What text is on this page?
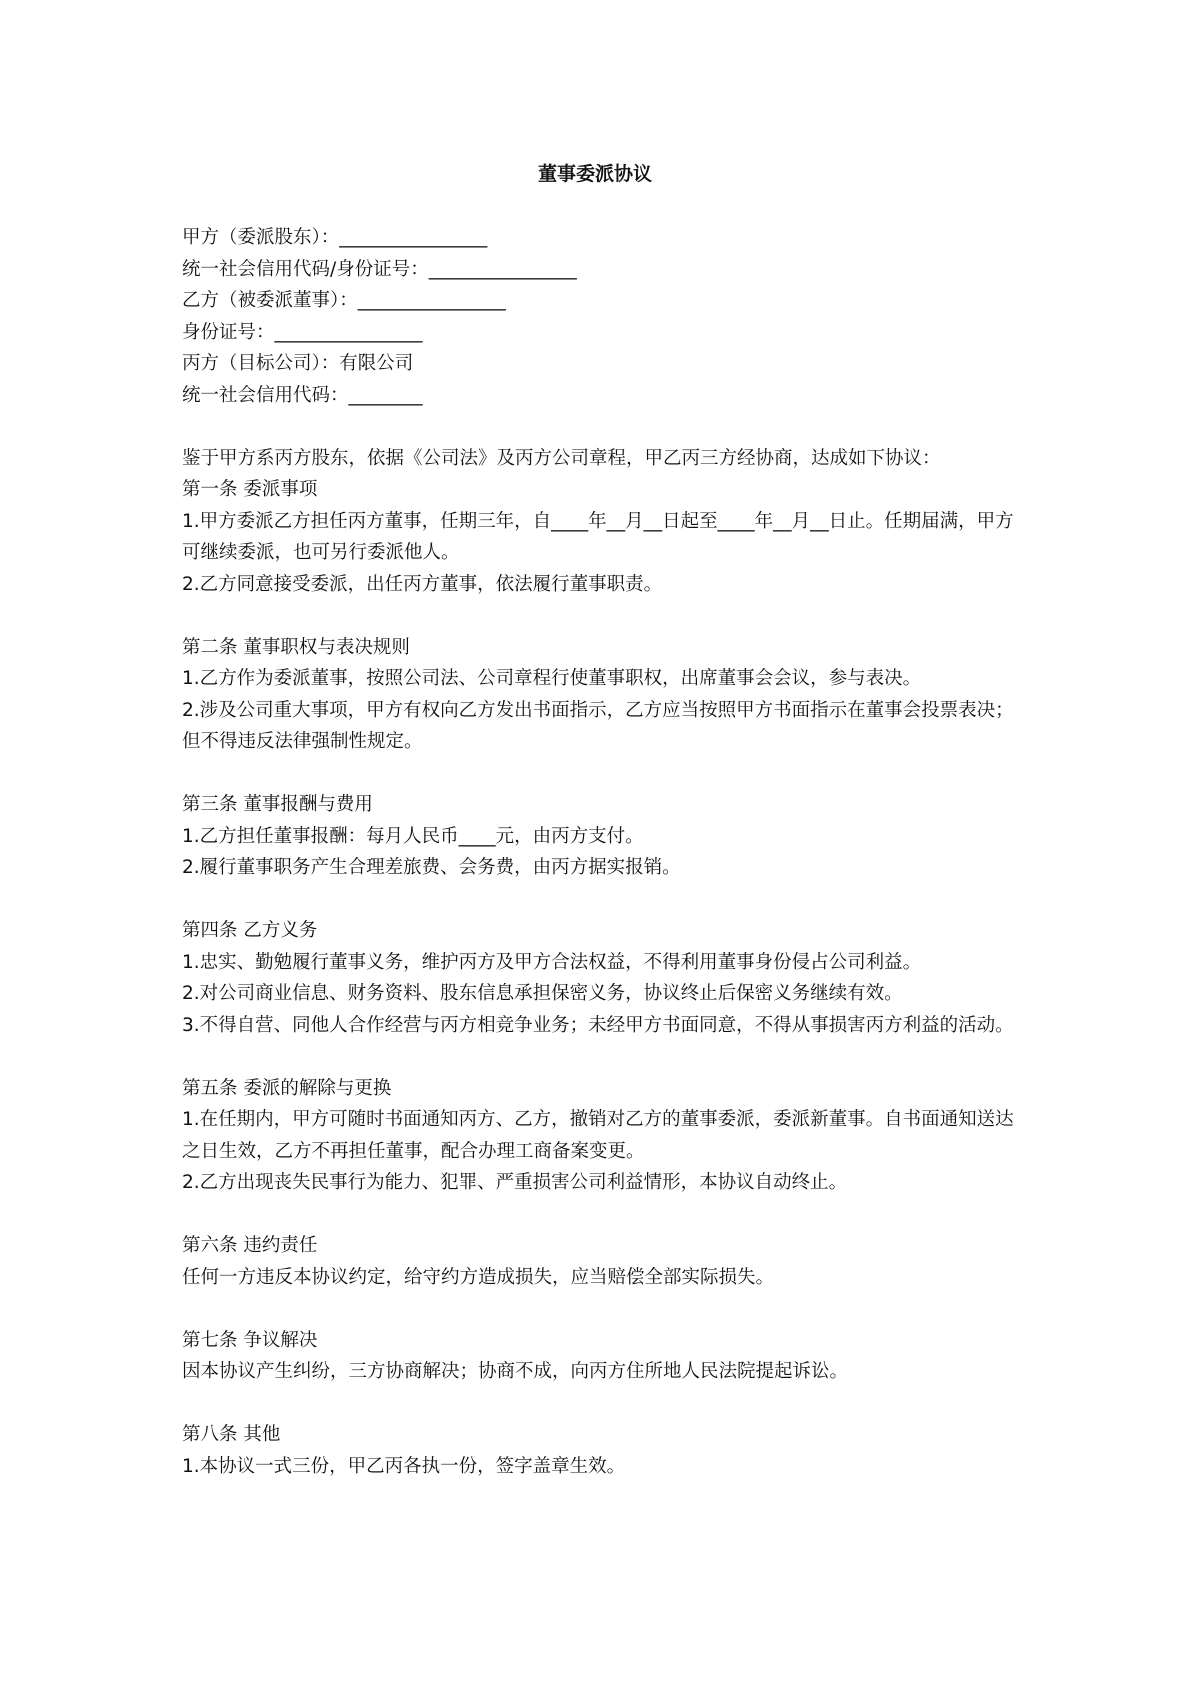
董事委派协议

甲方（委派股东）：________________

统一社会信用代码/身份证号：________________

乙方（被委派董事）：________________

身份证号：________________

丙方（目标公司）：有限公司

统一社会信用代码：________

鉴于甲方系丙方股东，依据《公司法》及丙方公司章程，甲乙丙三方经协商，达成如下协议：

第一条 委派事项

1.甲方委派乙方担任丙方董事，任期三年，自____年__月__日起至____年__月__日止。任期届满，甲方可继续委派，也可另行委派他人。

2.乙方同意接受委派，出任丙方董事，依法履行董事职责。

第二条 董事职权与表决规则

1.乙方作为委派董事，按照公司法、公司章程行使董事职权，出席董事会会议，参与表决。

2.涉及公司重大事项，甲方有权向乙方发出书面指示，乙方应当按照甲方书面指示在董事会投票表决；但不得违反法律强制性规定。

第三条 董事报酬与费用

1.乙方担任董事报酬：每月人民币____元，由丙方支付。

2.履行董事职务产生合理差旅费、会务费，由丙方据实报销。

第四条 乙方义务

1.忠实、勤勉履行董事义务，维护丙方及甲方合法权益，不得利用董事身份侵占公司利益。

2.对公司商业信息、财务资料、股东信息承担保密义务，协议终止后保密义务继续有效。

3.不得自营、同他人合作经营与丙方相竞争业务；未经甲方书面同意，不得从事损害丙方利益的活动。

第五条 委派的解除与更换

1.在任期内，甲方可随时书面通知丙方、乙方，撤销对乙方的董事委派，委派新董事。自书面通知送达之日生效，乙方不再担任董事，配合办理工商备案变更。

2.乙方出现丧失民事行为能力、犯罪、严重损害公司利益情形，本协议自动终止。

第六条 违约责任

任何一方违反本协议约定，给守约方造成损失，应当赔偿全部实际损失。

第七条 争议解决

因本协议产生纠纷，三方协商解决；协商不成，向丙方住所地人民法院提起诉讼。

第八条 其他

1.本协议一式三份，甲乙丙各执一份，签字盖章生效。
